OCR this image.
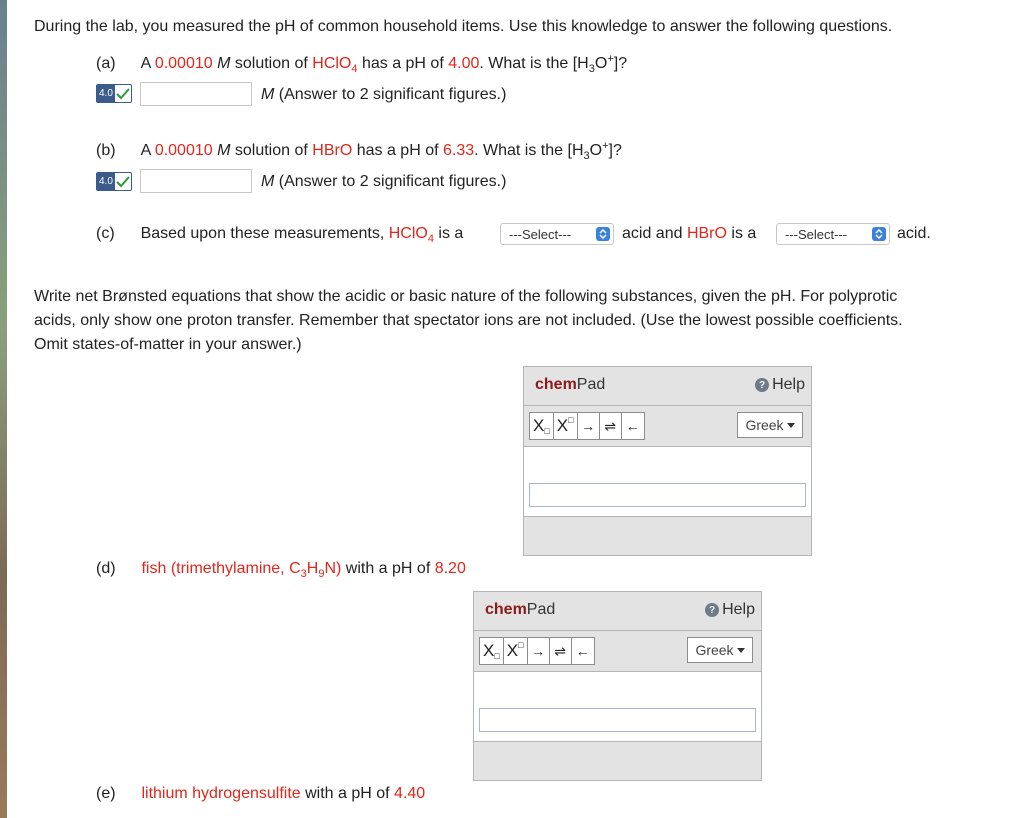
During the lab, you measured the pH of common household items. Use this knowledge to answer the following questions.
(a) A 0.00010 M solution of HClO$_4$ has a pH of 4.00. What is the $[H_3O^+]$?
4.0	M (Answer to 2 significant figures.)
(b) A 0.00010 M solution of HBrO has a pH of 6.33. What is the $[H_3O^+]$?
4.0	M (Answer to 2 significant figures.)
(c) Based upon these measurements, HClO$_4$ is a	---Select---	acid and HBrO is a ---Select---	acid.
Write net Brønsted equations that show the acidic or basic nature of the following substances, given the pH. For polyprotic
acids, only show one proton transfer. Remember that spectator ions are not included. (Use the lowest possible coefficients.
Omit states-of-matter in your answer.)
chemPad	? Help
X □ X □ → ⇌ ←	Greek
(d) fish (trimethylamine, $C_3H_9N$) with a pH of 8.20
chemPad	? Help
X □ X □ → ⇌ ←	Greek
(e) lithium hydrogensulfite with a pH of 4.40
